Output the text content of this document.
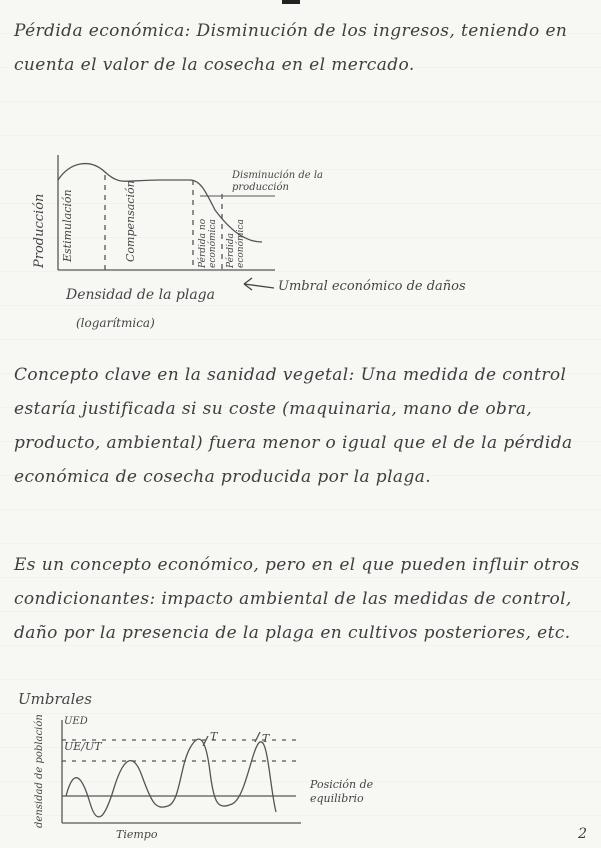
Pérdida económica: Disminución de los ingresos, teniendo en cuenta el valor de la cosecha en el mercado.
Producción Estimulación	Compensación	Pérdida no económica Pérdida económica
Disminución de la producción
Densidad de la plaga
(logarítmica)
Umbral económico de daños
Concepto clave en la sanidad vegetal: Una medida de control estaría justificada si su coste (maquinaria, mano de obra, producto, ambiental) fuera menor o igual que el de la pérdida económica de cosecha producida por la plaga.
Es un concepto económico, pero en el que pueden influir otros condicionantes: impacto ambiental de las medidas de control, daño por la presencia de la plaga en cultivos posteriores, etc.
Umbrales
densidad de población UED
UE/UT
T	T
Posición de equilibrio
Tiempo	2
